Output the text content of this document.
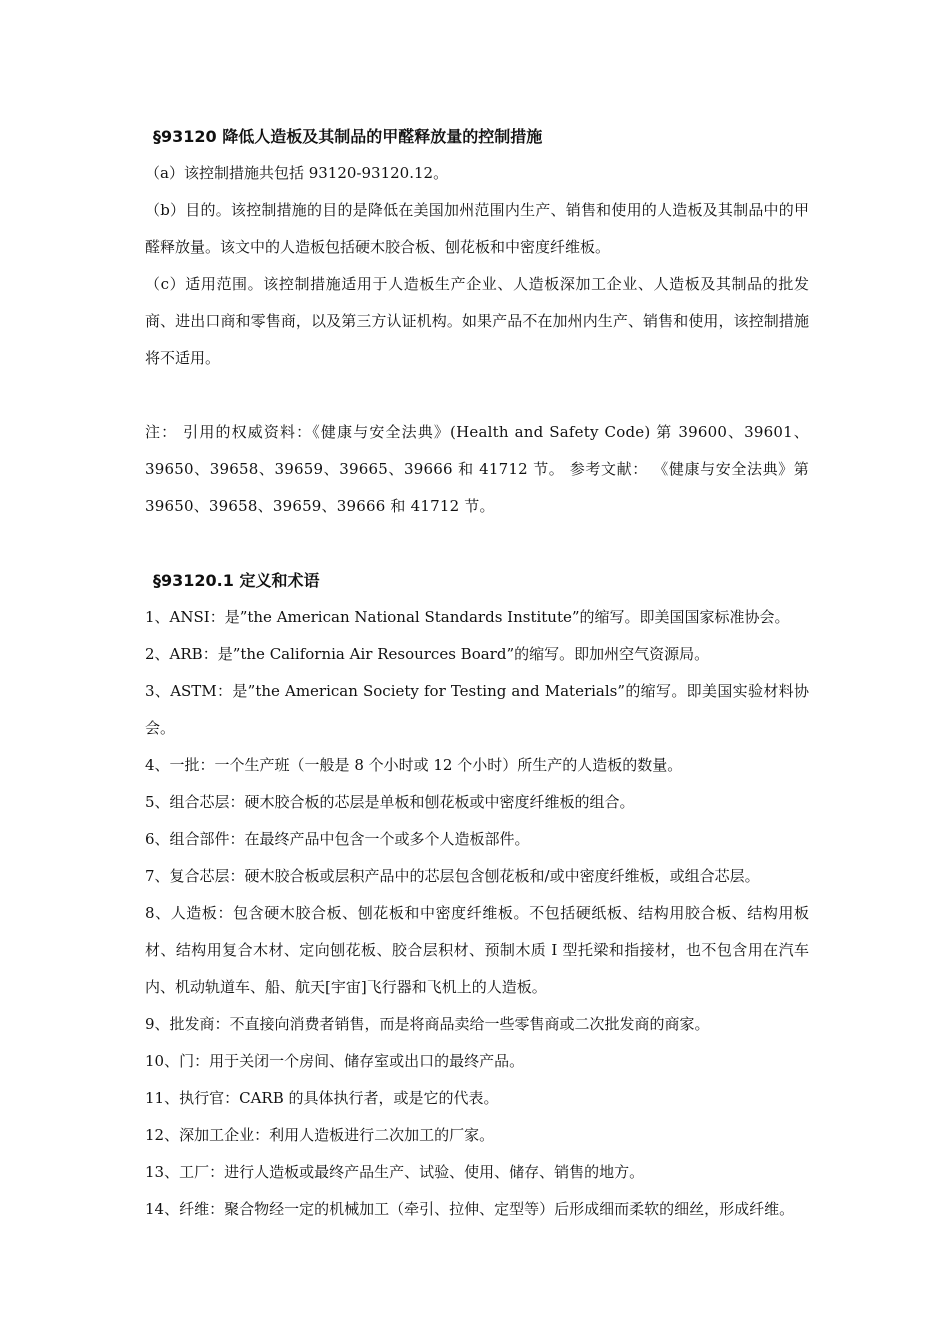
§93120 降低人造板及其制品的甲醛释放量的控制措施

（a）该控制措施共包括 93120-93120.12。

（b）目的。该控制措施的目的是降低在美国加州范围内生产、销售和使用的人造板及其制品中的甲醛释放量。该文中的人造板包括硬木胶合板、刨花板和中密度纤维板。

（c）适用范围。该控制措施适用于人造板生产企业、人造板深加工企业、人造板及其制品的批发商、进出口商和零售商，以及第三方认证机构。如果产品不在加州内生产、销售和使用，该控制措施将不适用。

注： 引用的权威资料：《健康与安全法典》(Health and Safety Code) 第 39600、39601、39650、39658、39659、39665、39666 和 41712 节。 参考文献： 《健康与安全法典》第 39650、39658、39659、39666 和 41712 节。

§93120.1 定义和术语

1、ANSI：是”the American National Standards Institute”的缩写。即美国国家标准协会。

2、ARB：是”the California Air Resources Board”的缩写。即加州空气资源局。

3、ASTM：是”the American Society for Testing and Materials”的缩写。即美国实验材料协会。

4、一批：一个生产班（一般是 8 个小时或 12 个小时）所生产的人造板的数量。

5、组合芯层：硬木胶合板的芯层是单板和刨花板或中密度纤维板的组合。

6、组合部件：在最终产品中包含一个或多个人造板部件。

7、复合芯层：硬木胶合板或层积产品中的芯层包含刨花板和/或中密度纤维板，或组合芯层。

8、人造板：包含硬木胶合板、刨花板和中密度纤维板。不包括硬纸板、结构用胶合板、结构用板材、结构用复合木材、定向刨花板、胶合层积材、预制木质 I 型托梁和指接材，也不包含用在汽车内、机动轨道车、船、航天[宇宙]飞行器和飞机上的人造板。

9、批发商：不直接向消费者销售，而是将商品卖给一些零售商或二次批发商的商家。

10、门：用于关闭一个房间、储存室或出口的最终产品。

11、执行官：CARB 的具体执行者，或是它的代表。

12、深加工企业：利用人造板进行二次加工的厂家。

13、工厂：进行人造板或最终产品生产、试验、使用、储存、销售的地方。

14、纤维：聚合物经一定的机械加工（牵引、拉伸、定型等）后形成细而柔软的细丝，形成纤维。
